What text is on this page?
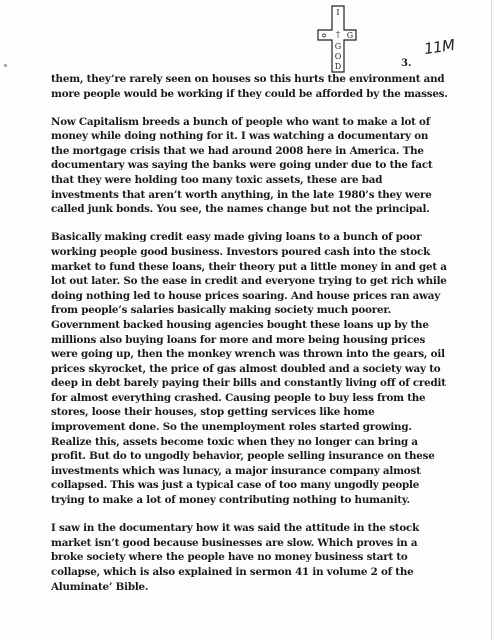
I
†
✡ G
G
O
D
11M
3.

them, they’re rarely seen on houses so this hurts the environment and more people would be working if they could be afforded by the masses.

Now Capitalism breeds a bunch of people who want to make a lot of money while doing nothing for it. I was watching a documentary on the mortgage crisis that we had around 2008 here in America. The documentary was saying the banks were going under due to the fact that they were holding too many toxic assets, these are bad investments that aren’t worth anything, in the late 1980’s they were called junk bonds. You see, the names change but not the principal.

Basically making credit easy made giving loans to a bunch of poor working people good business. Investors poured cash into the stock market to fund these loans, their theory put a little money in and get a lot out later. So the ease in credit and everyone trying to get rich while doing nothing led to house prices soaring. And house prices ran away from people’s salaries basically making society much poorer. Government backed housing agencies bought these loans up by the millions also buying loans for more and more being housing prices were going up, then the monkey wrench was thrown into the gears, oil prices skyrocket, the price of gas almost doubled and a society way to deep in debt barely paying their bills and constantly living off of credit for almost everything crashed. Causing people to buy less from the stores, loose their houses, stop getting services like home improvement done. So the unemployment roles started growing. Realize this, assets become toxic when they no longer can bring a profit. But do to ungodly behavior, people selling insurance on these investments which was lunacy, a major insurance company almost collapsed. This was just a typical case of too many ungodly people trying to make a lot of money contributing nothing to humanity.

I saw in the documentary how it was said the attitude in the stock market isn’t good because businesses are slow. Which proves in a broke society where the people have no money business start to collapse, which is also explained in sermon 41 in volume 2 of the Aluminate’ Bible.
